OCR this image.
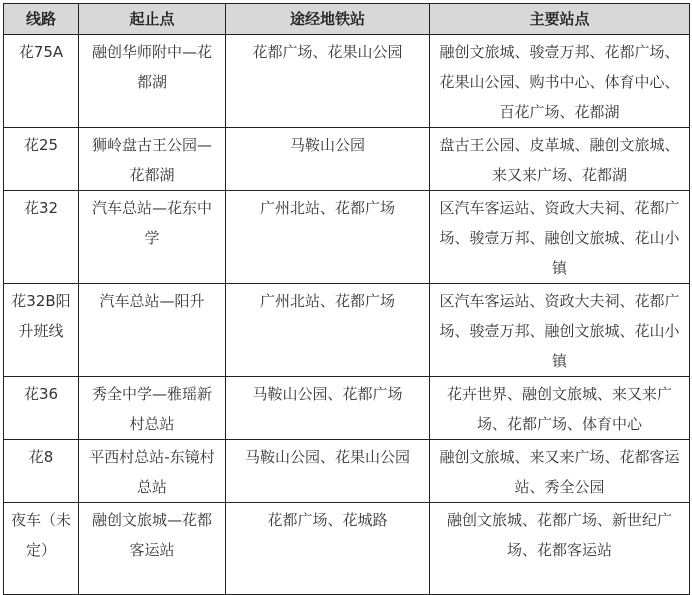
线路	起止点	途经地铁站	主要站点
花75A	融创华师附中—花都湖	花都广场、花果山公园	融创文旅城、骏壹万邦、花都广场、花果山公园、购书中心、体育中心、百花广场、花都湖
花25	狮岭盘古王公园—花都湖	马鞍山公园	盘古王公园、皮革城、融创文旅城、来又来广场、花都湖
花32	汽车总站—花东中学	广州北站、花都广场	区汽车客运站、资政大夫祠、花都广场、骏壹万邦、融创文旅城、花山小镇
花32B阳升班线	汽车总站—阳升	广州北站、花都广场	区汽车客运站、资政大夫祠、花都广场、骏壹万邦、融创文旅城、花山小镇
花36	秀全中学—雅瑶新村总站	马鞍山公园、花都广场	花卉世界、融创文旅城、来又来广场、花都广场、体育中心
花8	平西村总站-东镜村总站	马鞍山公园、花果山公园	融创文旅城、来又来广场、花都客运站、秀全公园
夜车（未定）	融创文旅城—花都客运站	花都广场、花城路	融创文旅城、花都广场、新世纪广场、花都客运站
